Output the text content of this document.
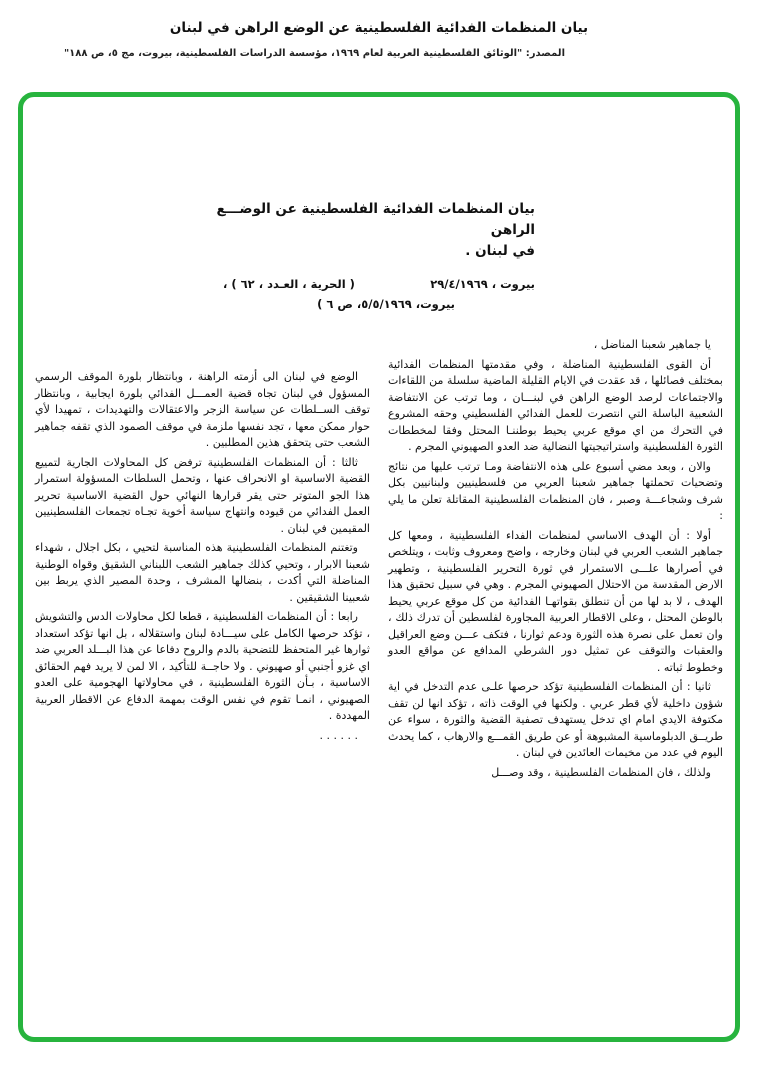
بيان المنظمات الفدائية الفلسطينية عن الوضع الراهن في لبنان
المصدر: "الوثائق الفلسطينية العربية لعام ١٩٦٩، مؤسسة الدراسات الفلسطينية، بيروت، مج ٥، ص ١٨٨"
بيان المنظمات الفدائية الفلسطينية عن الوضـــع الراهن
في لبنان .
بيروت ، ٢٩/٤/١٩٦٩
( الحرية ، العـدد ، ٦٢ ) ،
بيروت، ٥/٥/١٩٦٩، ص ٦ )

يا جماهير شعبنا المناضل ،

أن القوى الفلسطينية المناضلة ، وفي مقدمتها المنظمات الفدائية بمختلف فصائلها ، قد عقدت في الايام القليلة الماضية سلسلة من اللقاءات والاجتماعات لرصد الوضع الراهن في لبنـــان ، وما ترتب عن الانتفاضة الشعبية الباسلة التي انتصرت للعمل الفدائي الفلسطيني وحقه المشروع في التحرك من اي موقع عربي يحيط بوطننـا المحتل وفقا لمخططات الثورة الفلسطينية واستراتيجيتها النضالية ضد العدو الصهيوني المجرم .

والان ، وبعد مضي أسبوع على هذه الانتفاضة ومـا ترتب عليها من نتائج وتضحيات تحملتها جماهير شعبنا العربي من فلسطينيين ولبنانيين بكل شرف وشجاعـــة وصبر ، فان المنظمات الفلسطينية المقاتلة تعلن ما يلي :

أولا : أن الهدف الاساسي لمنظمات الفداء الفلسطينية ، ومعها كل جماهير الشعب العربي في لبنان وخارجه ، واضح ومعروف وثابت ، ويتلخص في أصرارها علـــى الاستمرار في ثورة التحرير الفلسطينية ، وتطهير الارض المقدسة من الاحتلال الصهيوني المجرم . وهي في سبيل تحقيق هذا الهدف ، لا بد لها من أن تنطلق بقواتهـا الفدائية من كل موقع عربي يحيط بالوطن المحتل ، وعلى الاقطار العربية المجاورة لفلسطين أن تدرك ذلك ، وان تعمل على نصرة هذه الثورة ودعم ثوارنا ، فتكف عـــن وضع العراقيل والعقبات والتوقف عن تمثيل دور الشرطي المدافع عن مواقع العدو وخطوط ثباته .

ثانيا : أن المنظمات الفلسطينية تؤكد حرصها علـى عدم التدخل في اية شؤون داخلية لأي قطر عربي . ولكنها في الوقت ذاته ، تؤكد انها لن تقف مكتوفة الايدي امام اي تدخل يستهدف تصفية القضية والثورة ، سواء عن طريــق الدبلوماسية المشبوهة أو عن طريق القمـــع والارهاب ، كما يحدث اليوم في عدد من مخيمات العائدين في لبنان .

ولذلك ، فان المنظمات الفلسطينية ، وقد وصـــل

الوضع في لبنان الى أزمته الراهنة ، وبانتظار بلورة الموقف الرسمي المسؤول في لبنان تجاه قضية العمـــل الفدائي بلورة ايجابية ، وبانتظار توقف الســلطات عن سياسة الزجر والاعتقالات والتهديدات ، تمهيدا لأي حوار ممكن معها ، تجد نفسها ملزمة في موقف الصمود الذي تقفه جماهير الشعب حتى يتحقق هذين المطلبين .

ثالثا : أن المنظمات الفلسطينية ترفض كل المحاولات الجارية لتمييع القضية الاساسية او الانحراف عنها ، وتحمل السلطات المسؤولة استمرار هذا الجو المتوتر حتى يقر قرارها النهائي حول القضية الاساسية تحرير العمل الفدائي من قيوده وانتهاج سياسة أخوية تجـاه تجمعات الفلسطينيين المقيمين في لبنان .

وتغتنم المنظمات الفلسطينية هذه المناسبة لتحيي ، بكل اجلال ، شهداء شعبنا الابرار ، وتحيي كذلك جماهير الشعب اللبناني الشقيق وقواه الوطنية المناضلة التي أكدت ، بنضالها المشرف ، وحدة المصير الذي يربط بين شعبينا الشقيقين .

رابعا : أن المنظمات الفلسطينية ، قطعا لكل محاولات الدس والتشويش ، تؤكد حرصها الكامل على سيـــادة لبنان واستقلاله ، بل انها تؤكد استعداد ثوارها غير المتحفظ للتضحية بالدم والروح دفاعا عن هذا البـــلد العربي ضد اي غزو أجنبي أو صهيوني . ولا حاجــة للتأكيد ، الا لمن لا يريد فهم الحقائق الاساسية ، بـأن الثورة الفلسطينية ، في محاولاتها الهجومية على العدو الصهيوني ، انمـا تقوم في نفس الوقت بمهمة الدفاع عن الاقطار العربية المهددة .

. . . . . .
